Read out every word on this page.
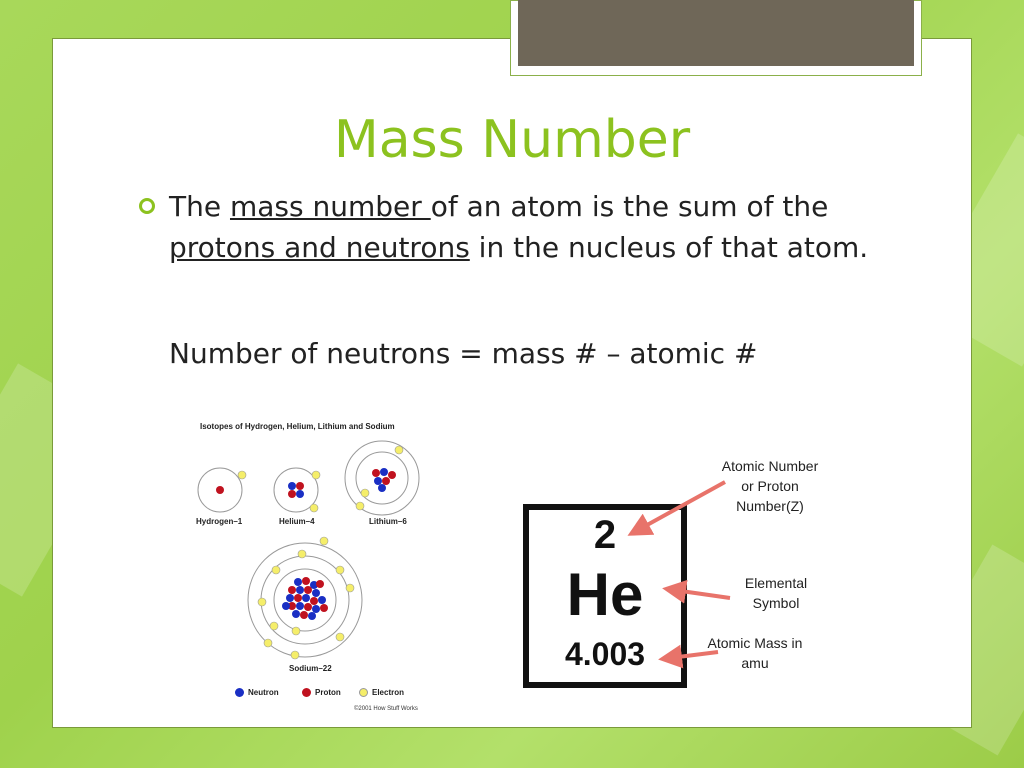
Mass Number
The mass number of an atom is the sum of the protons and neutrons in the nucleus of that atom.
Number of neutrons = mass # – atomic #
Isotopes of Hydrogen, Helium, Lithium and Sodium
Hydrogen–1	Helium–4	Lithium–6
Sodium–22
Neutron	Proton	Electron
©2001 How Stuff Works
2
He
4.003
Atomic Number
or Proton
Number(Z)
Elemental
Symbol
Atomic Mass in
amu
